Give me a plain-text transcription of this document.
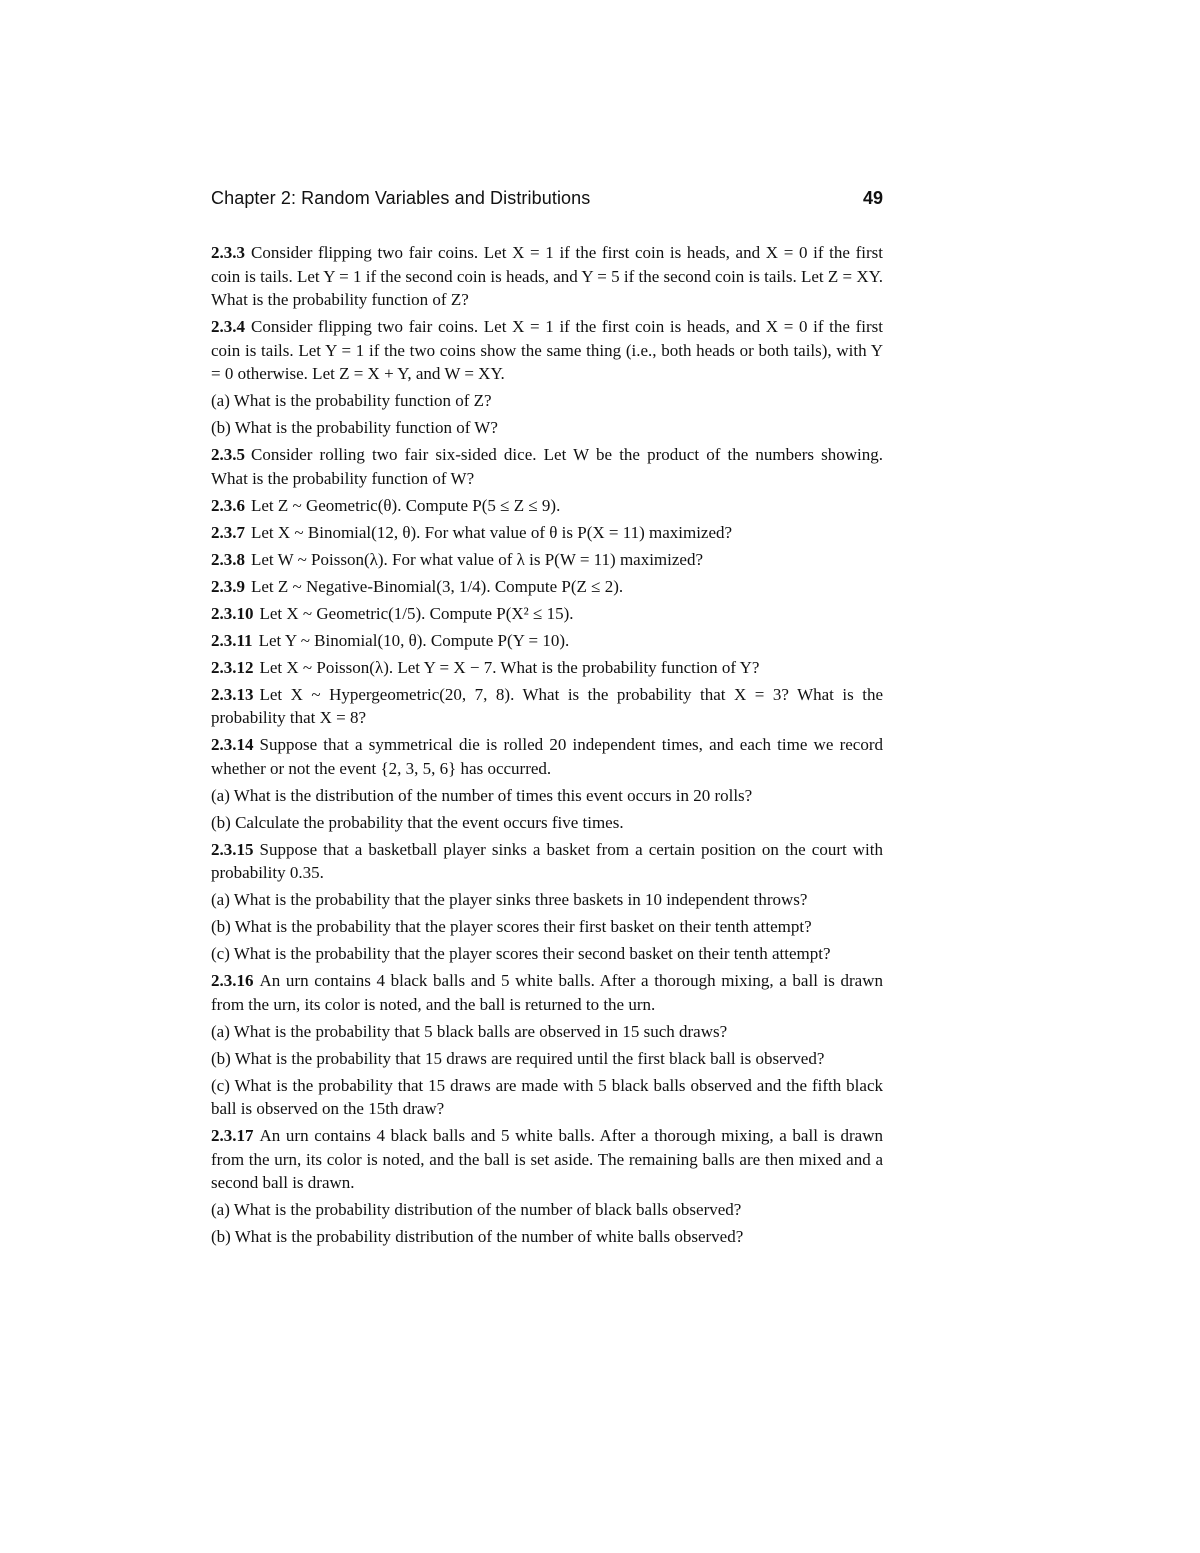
Chapter 2: Random Variables and Distributions	49
2.3.3 Consider flipping two fair coins. Let X = 1 if the first coin is heads, and X = 0 if the first coin is tails. Let Y = 1 if the second coin is heads, and Y = 5 if the second coin is tails. Let Z = XY. What is the probability function of Z?
2.3.4 Consider flipping two fair coins. Let X = 1 if the first coin is heads, and X = 0 if the first coin is tails. Let Y = 1 if the two coins show the same thing (i.e., both heads or both tails), with Y = 0 otherwise. Let Z = X + Y, and W = XY.
(a) What is the probability function of Z?
(b) What is the probability function of W?
2.3.5 Consider rolling two fair six-sided dice. Let W be the product of the numbers showing. What is the probability function of W?
2.3.6 Let Z ~ Geometric(θ). Compute P(5 ≤ Z ≤ 9).
2.3.7 Let X ~ Binomial(12, θ). For what value of θ is P(X = 11) maximized?
2.3.8 Let W ~ Poisson(λ). For what value of λ is P(W = 11) maximized?
2.3.9 Let Z ~ Negative-Binomial(3, 1/4). Compute P(Z ≤ 2).
2.3.10 Let X ~ Geometric(1/5). Compute P(X² ≤ 15).
2.3.11 Let Y ~ Binomial(10, θ). Compute P(Y = 10).
2.3.12 Let X ~ Poisson(λ). Let Y = X − 7. What is the probability function of Y?
2.3.13 Let X ~ Hypergeometric(20, 7, 8). What is the probability that X = 3? What is the probability that X = 8?
2.3.14 Suppose that a symmetrical die is rolled 20 independent times, and each time we record whether or not the event {2, 3, 5, 6} has occurred.
(a) What is the distribution of the number of times this event occurs in 20 rolls?
(b) Calculate the probability that the event occurs five times.
2.3.15 Suppose that a basketball player sinks a basket from a certain position on the court with probability 0.35.
(a) What is the probability that the player sinks three baskets in 10 independent throws?
(b) What is the probability that the player scores their first basket on their tenth attempt?
(c) What is the probability that the player scores their second basket on their tenth attempt?
2.3.16 An urn contains 4 black balls and 5 white balls. After a thorough mixing, a ball is drawn from the urn, its color is noted, and the ball is returned to the urn.
(a) What is the probability that 5 black balls are observed in 15 such draws?
(b) What is the probability that 15 draws are required until the first black ball is observed?
(c) What is the probability that 15 draws are made with 5 black balls observed and the fifth black ball is observed on the 15th draw?
2.3.17 An urn contains 4 black balls and 5 white balls. After a thorough mixing, a ball is drawn from the urn, its color is noted, and the ball is set aside. The remaining balls are then mixed and a second ball is drawn.
(a) What is the probability distribution of the number of black balls observed?
(b) What is the probability distribution of the number of white balls observed?
